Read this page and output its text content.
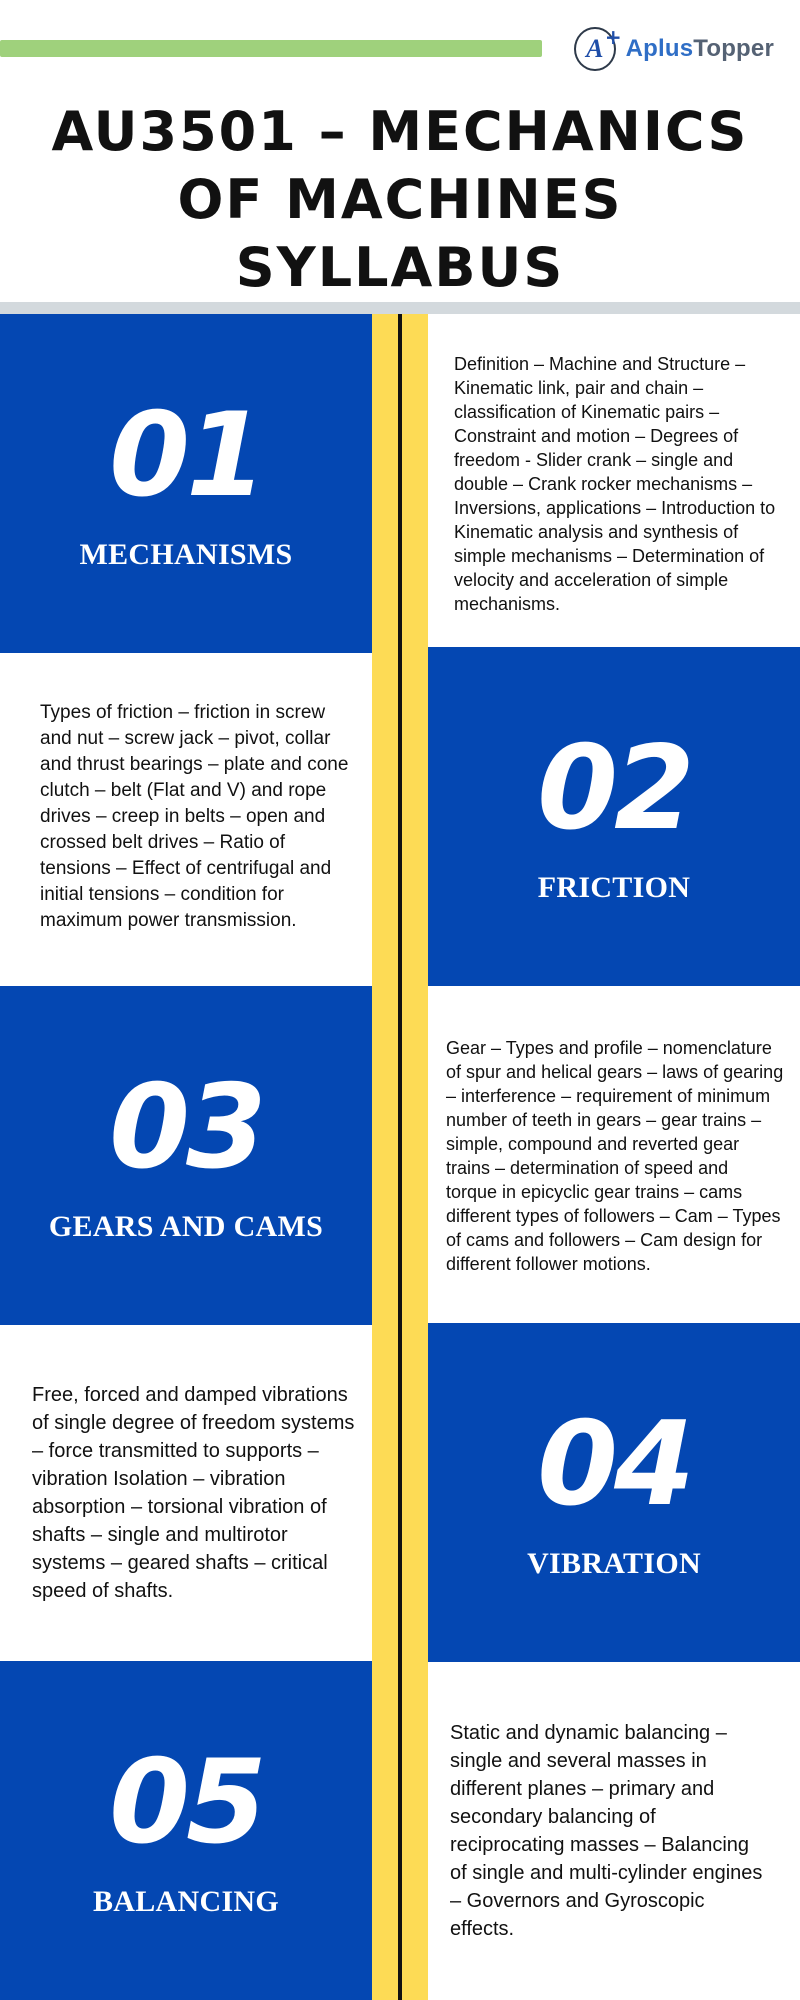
A + AplusTopper
AU3501 – MECHANICS OF MACHINES SYLLABUS
01
MECHANISMS
Definition – Machine and Structure – Kinematic link, pair and chain – classification of Kinematic pairs – Constraint and motion – Degrees of freedom - Slider crank – single and double – Crank rocker mechanisms – Inversions, applications – Introduction to Kinematic analysis and synthesis of simple mechanisms – Determination of velocity and acceleration of simple mechanisms.
Types of friction – friction in screw and nut – screw jack – pivot, collar and thrust bearings – plate and cone clutch – belt (Flat and V) and rope drives – creep in belts – open and crossed belt drives – Ratio of tensions – Effect of centrifugal and initial tensions – condition for maximum power transmission.
02
FRICTION
03
GEARS AND CAMS
Gear – Types and profile – nomenclature of spur and helical gears – laws of gearing – interference – requirement of minimum number of teeth in gears – gear trains – simple, compound and reverted gear trains – determination of speed and torque in epicyclic gear trains – cams different types of followers – Cam – Types of cams and followers – Cam design for different follower motions.
Free, forced and damped vibrations of single degree of freedom systems – force transmitted to supports – vibration Isolation – vibration absorption – torsional vibration of shafts – single and multirotor systems – geared shafts – critical speed of shafts.
04
VIBRATION
05
BALANCING
Static and dynamic balancing – single and several masses in different planes – primary and secondary balancing of reciprocating masses – Balancing of single and multi-cylinder engines – Governors and Gyroscopic effects.
